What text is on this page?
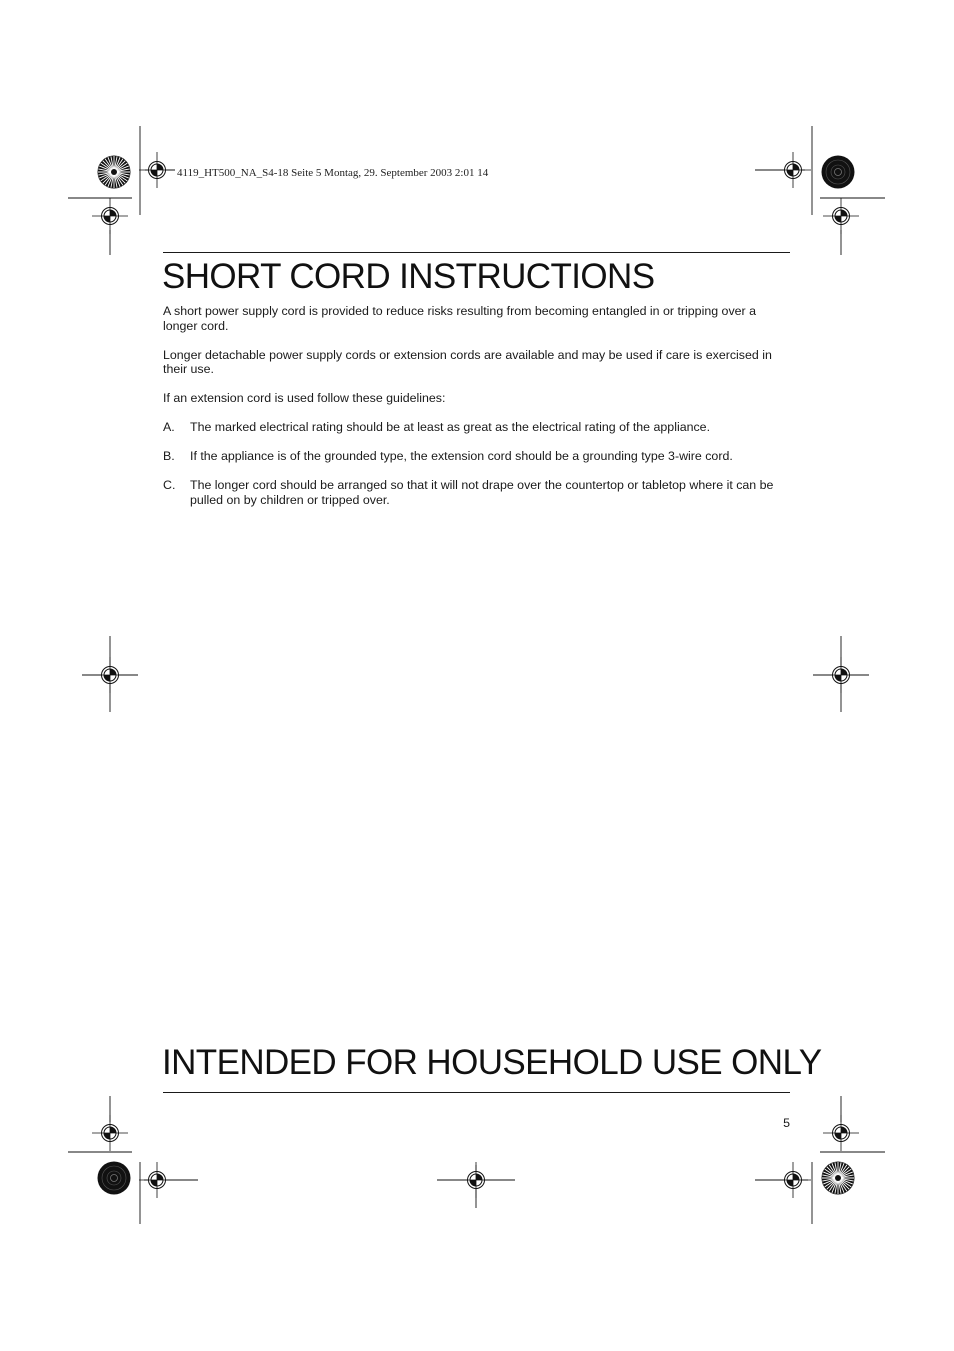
4119_HT500_NA_S4-18 Seite 5 Montag, 29. September 2003 2:01 14
SHORT CORD INSTRUCTIONS

A short power supply cord is provided to reduce risks resulting from becoming entangled in or tripping over a longer cord.

Longer detachable power supply cords or extension cords are available and may be used if care is exercised in their use.

If an extension cord is used follow these guidelines:

A.	The marked electrical rating should be at least as great as the electrical rating of the appliance.
B.	If the appliance is of the grounded type, the extension cord should be a grounding type 3-wire cord.
C.	The longer cord should be arranged so that it will not drape over the countertop or tabletop where it can be pulled on by children or tripped over.
INTENDED FOR HOUSEHOLD USE ONLY
5
